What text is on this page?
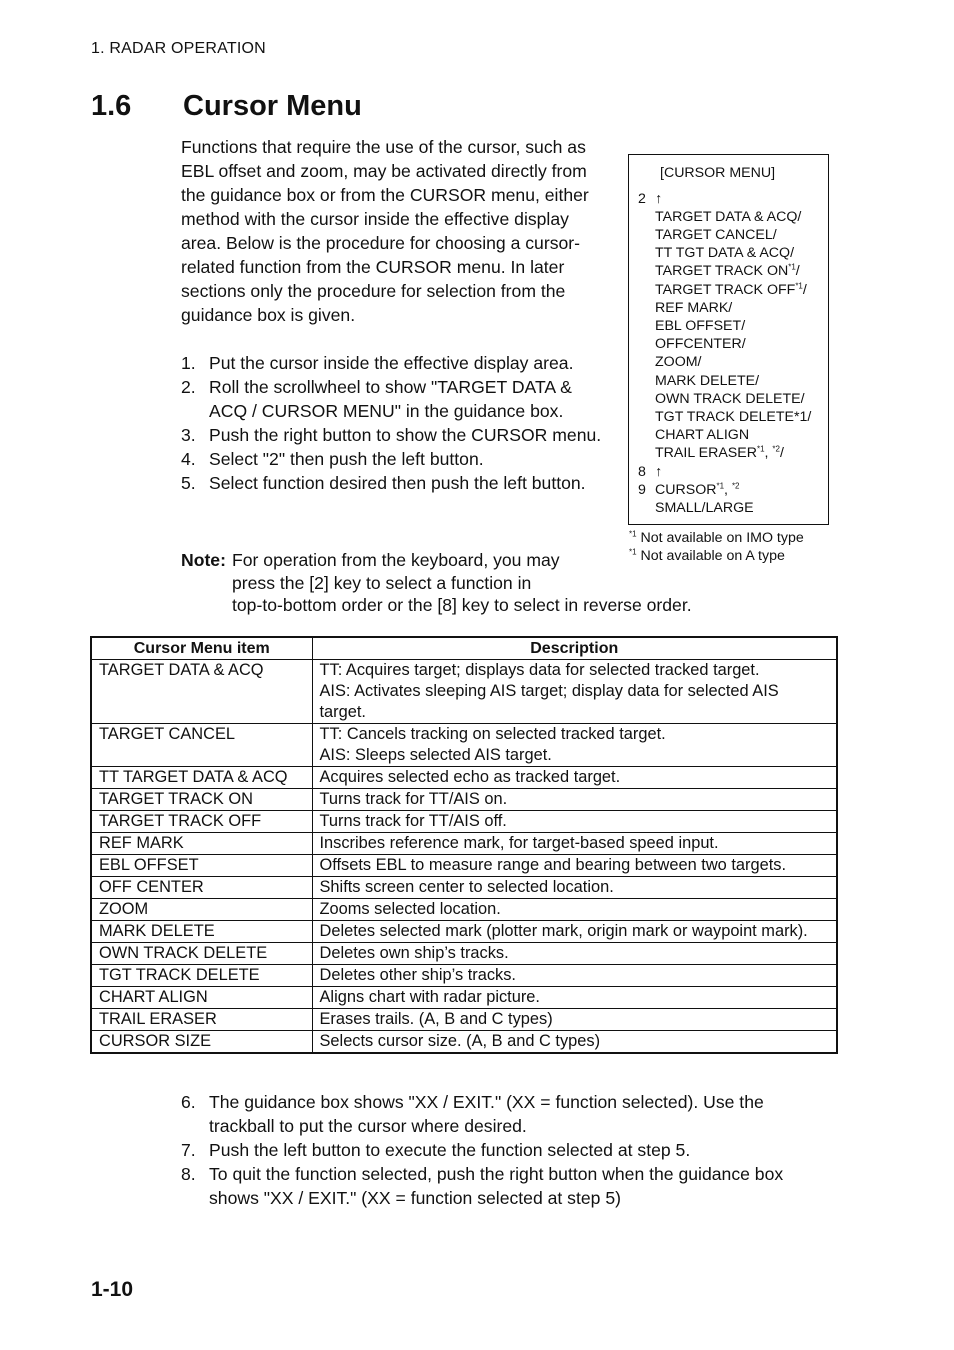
1. RADAR OPERATION
1.6 Cursor Menu

Functions that require the use of the cursor, such as EBL offset and zoom, may be activated directly from the guidance box or from the CURSOR menu, either method with the cursor inside the effective display area. Below is the procedure for choosing a cursor-related function from the CURSOR menu. In later sections only the procedure for selection from the guidance box is given.

1. Put the cursor inside the effective display area.
2. Roll the scrollwheel to show "TARGET DATA & ACQ / CURSOR MENU" in the guidance box.
3. Push the right button to show the CURSOR menu.
4. Select "2" then push the left button.
5. Select function desired then push the left button.
Note: For operation from the keyboard, you may
press the [2] key to select a function in
top-to-bottom order or the [8] key to select in reverse order.
[CURSOR MENU]
2 ↑
TARGET DATA & ACQ/
TARGET CANCEL/
TT TGT DATA & ACQ/
TARGET TRACK ON$^{*1}$/
TARGET TRACK OFF$^{*1}$/
REF MARK/
EBL OFFSET/
OFFCENTER/
ZOOM/
MARK DELETE/
OWN TRACK DELETE/
TGT TRACK DELETE*1/
CHART ALIGN
TRAIL ERASER$^{*1}$, $^{*2}$/
8 ↑
9 CURSOR$^{*1}$, $^{*2}$
SMALL/LARGE
$^{*1}$ Not available on IMO type
$^{*1}$ Not available on A type
Cursor Menu item	Description
TARGET DATA & ACQ	TT: Acquires target; displays data for selected tracked target.
AIS: Activates sleeping AIS target; display data for selected AIS target.

TARGET CANCEL	TT: Cancels tracking on selected tracked target.
AIS: Sleeps selected AIS target.

TT TARGET DATA & ACQ	Acquires selected echo as tracked target.
TARGET TRACK ON	Turns track for TT/AIS on.
TARGET TRACK OFF	Turns track for TT/AIS off.
REF MARK	Inscribes reference mark, for target-based speed input.
EBL OFFSET	Offsets EBL to measure range and bearing between two targets.
OFF CENTER	Shifts screen center to selected location.
ZOOM	Zooms selected location.
MARK DELETE	Deletes selected mark (plotter mark, origin mark or waypoint mark).
OWN TRACK DELETE	Deletes own ship’s tracks.
TGT TRACK DELETE	Deletes other ship’s tracks.
CHART ALIGN	Aligns chart with radar picture.
TRAIL ERASER	Erases trails. (A, B and C types)
CURSOR SIZE	Selects cursor size. (A, B and C types)
6. The guidance box shows "XX / EXIT." (XX = function selected). Use the trackball to put the cursor where desired.
7. Push the left button to execute the function selected at step 5.
8. To quit the function selected, push the right button when the guidance box shows "XX / EXIT." (XX = function selected at step 5)
1-10
